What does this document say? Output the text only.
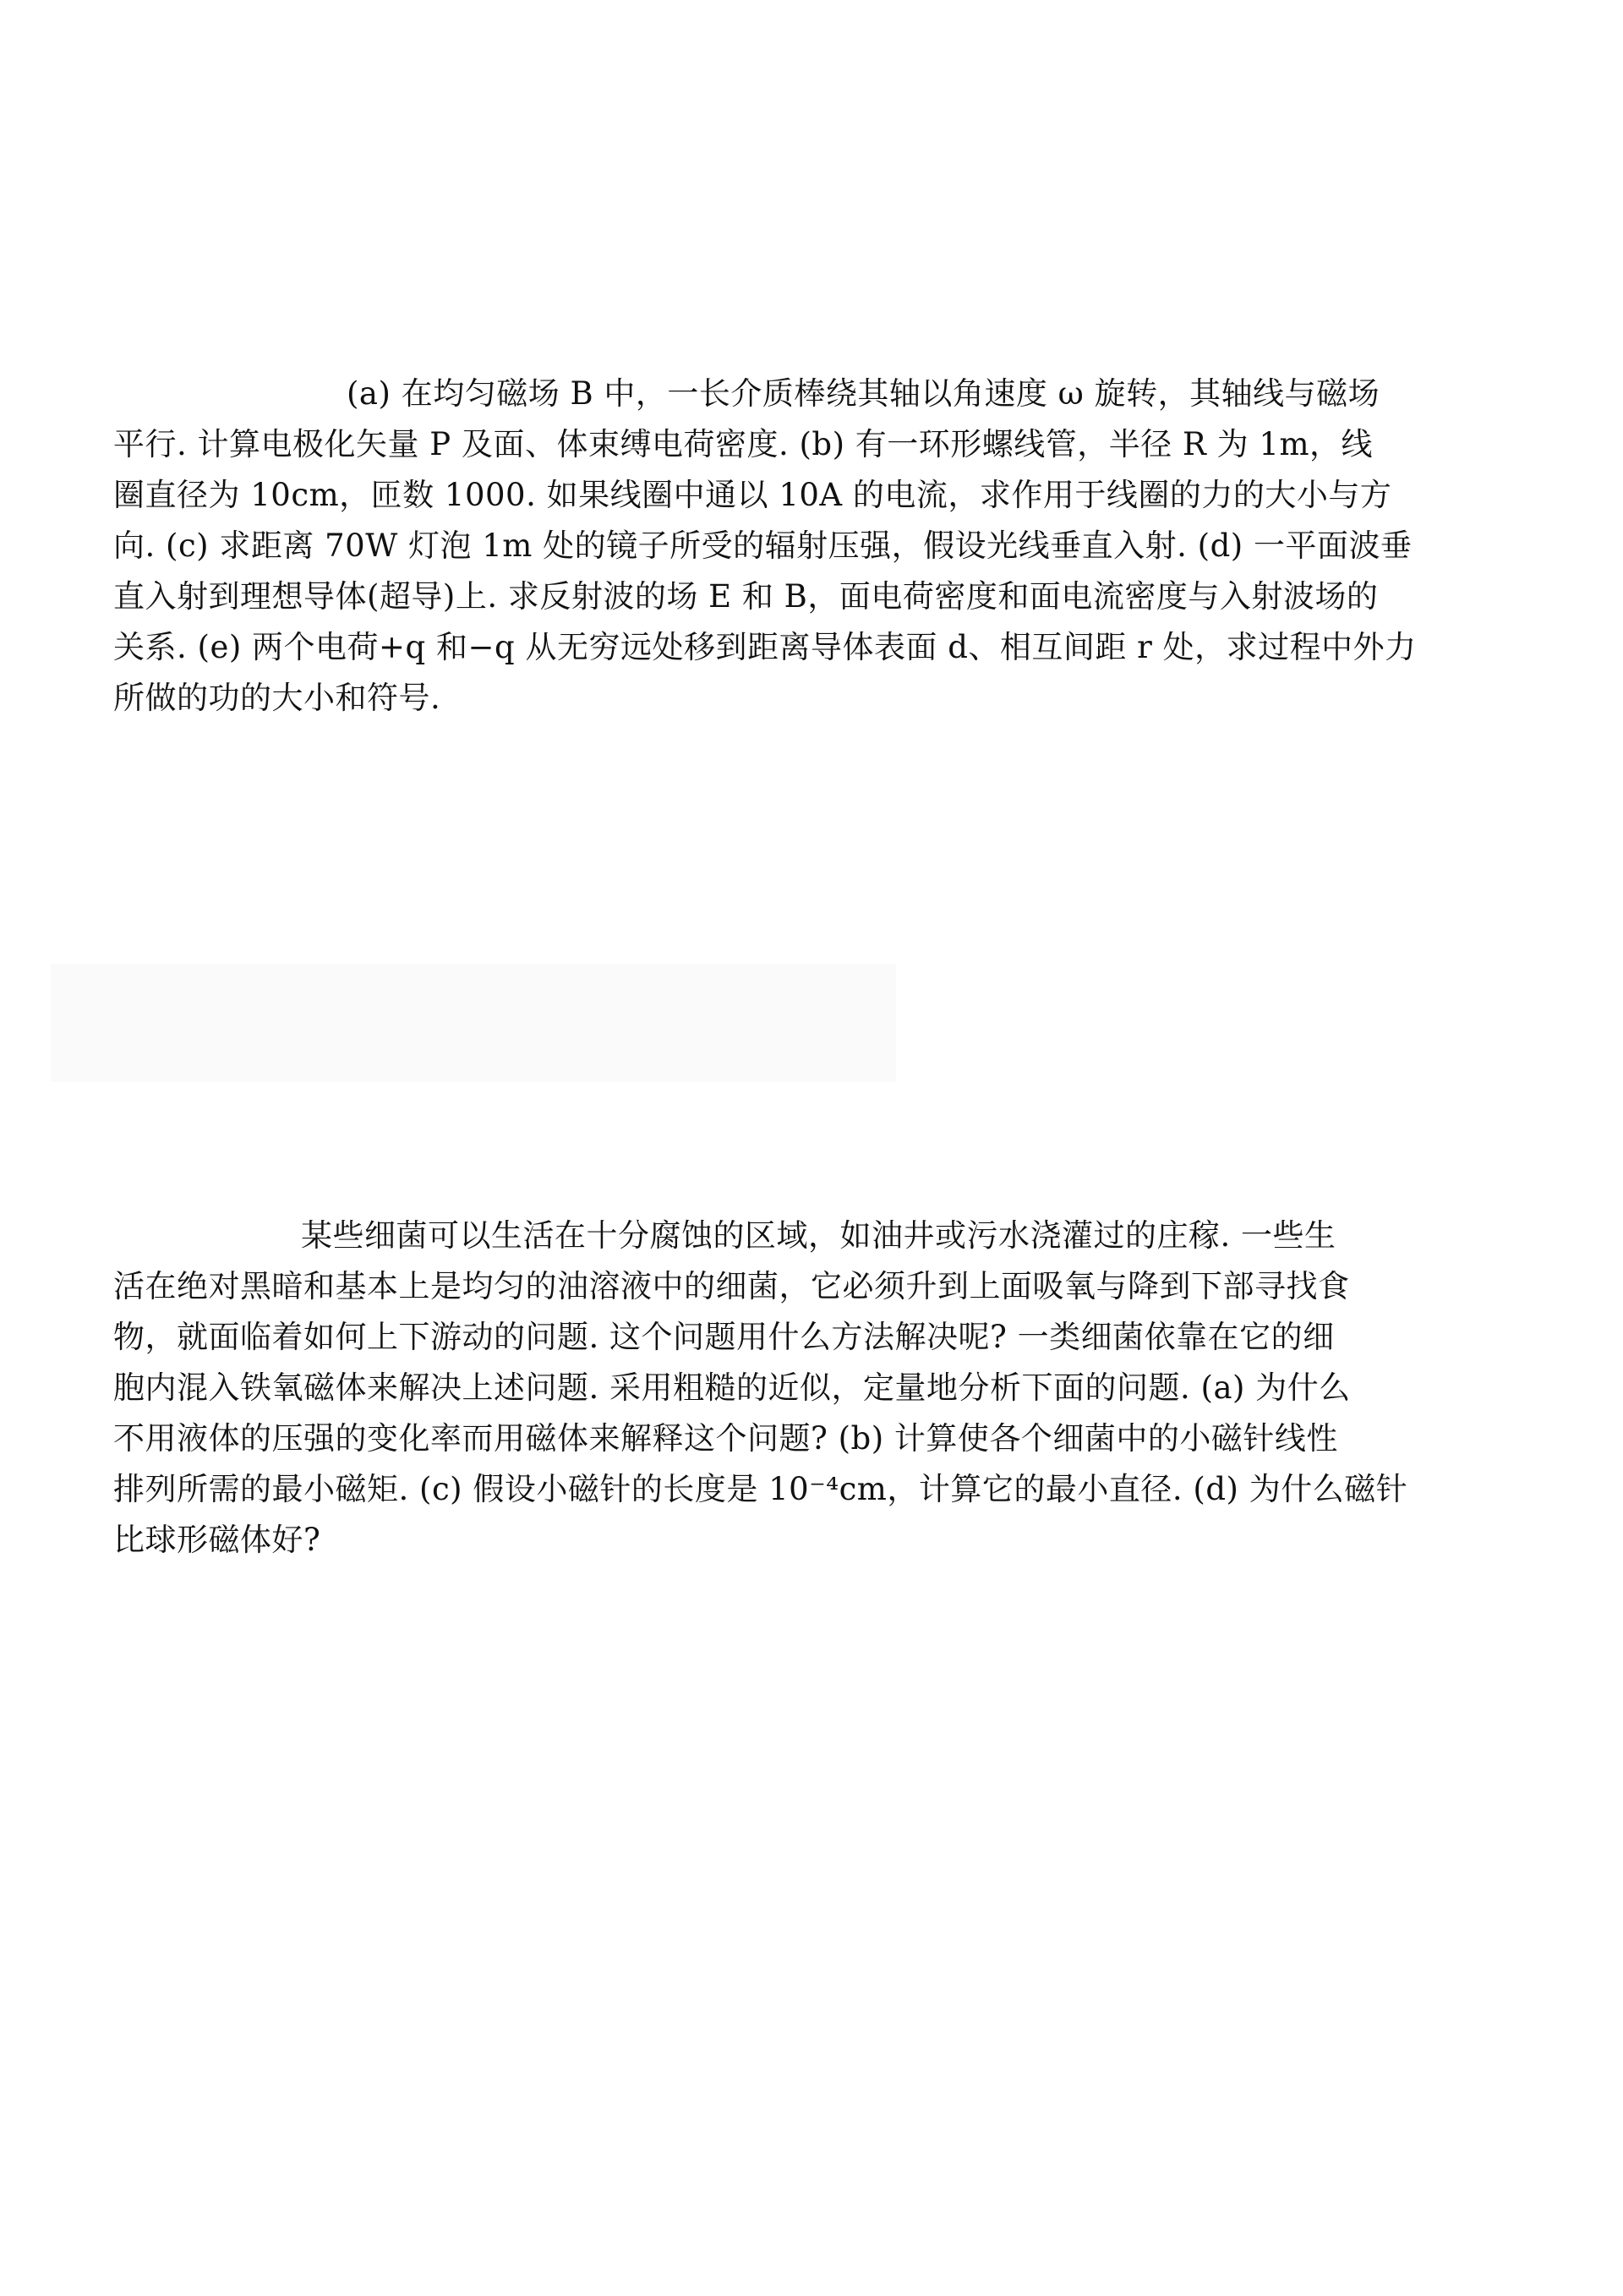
(a) 在均匀磁场 B 中，一长介质棒绕其轴以角速度 ω 旋转，其轴线与磁场
平行. 计算电极化矢量 P 及面、体束缚电荷密度. (b) 有一环形螺线管，半径 R 为 1m，线
圈直径为 10cm，匝数 1000. 如果线圈中通以 10A 的电流，求作用于线圈的力的大小与方
向. (c) 求距离 70W 灯泡 1m 处的镜子所受的辐射压强，假设光线垂直入射. (d) 一平面波垂
直入射到理想导体(超导)上. 求反射波的场 E 和 B，面电荷密度和面电流密度与入射波场的
关系. (e) 两个电荷+q 和−q 从无穷远处移到距离导体表面 d、相互间距 r 处，求过程中外力
所做的功的大小和符号.
某些细菌可以生活在十分腐蚀的区域，如油井或污水浇灌过的庄稼. 一些生
活在绝对黑暗和基本上是均匀的油溶液中的细菌，它必须升到上面吸氧与降到下部寻找食
物，就面临着如何上下游动的问题. 这个问题用什么方法解决呢? 一类细菌依靠在它的细
胞内混入铁氧磁体来解决上述问题. 采用粗糙的近似，定量地分析下面的问题. (a) 为什么
不用液体的压强的变化率而用磁体来解释这个问题? (b) 计算使各个细菌中的小磁针线性
排列所需的最小磁矩. (c) 假设小磁针的长度是 10⁻⁴cm，计算它的最小直径. (d) 为什么磁针
比球形磁体好?
